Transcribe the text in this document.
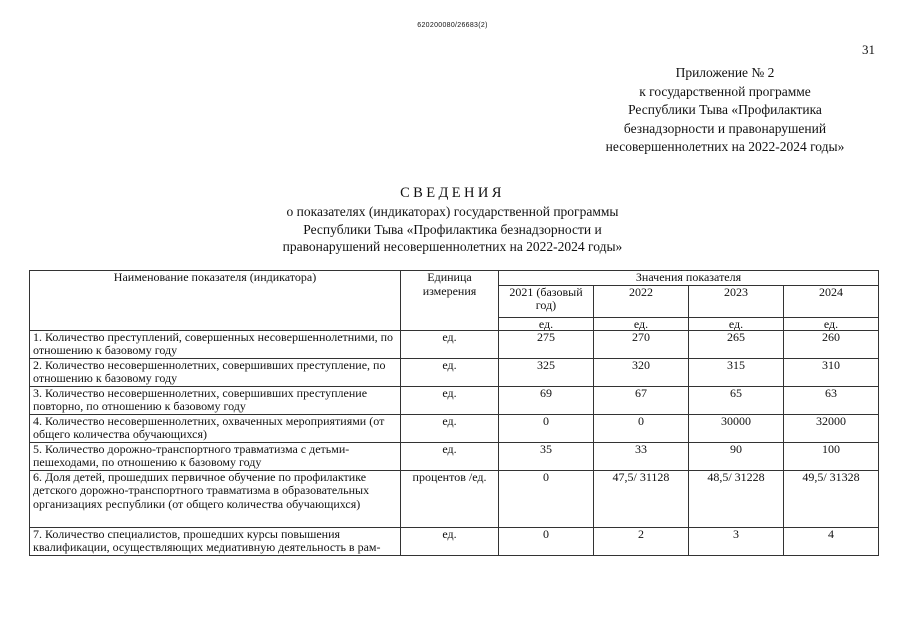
620200080/26683(2)
31
Приложение № 2
к государственной программе
Республики Тыва «Профилактика
безнадзорности и правонарушений
несовершеннолетних на 2022-2024 годы»
СВЕДЕНИЯ
о показателях (индикаторах) государственной программы
Республики Тыва «Профилактика безнадзорности и
правонарушений несовершеннолетних на 2022-2024 годы»
Наименование показателя (индикатора)	Единица измерения	Значения показателя			
		2021 (базовый год)	2022	2023	2024
		ед.	ед.	ед.	ед.
1. Количество преступлений, совершенных несовершеннолетними, по отношению к базовому году	ед.	275	270	265	260
2. Количество несовершеннолетних, совершивших преступление, по отношению к базовому году	ед.	325	320	315	310
3. Количество несовершеннолетних, совершивших преступление повторно, по отношению к базовому году	ед.	69	67	65	63
4. Количество несовершеннолетних, охваченных мероприятиями (от общего количества обучающихся)	ед.	0	0	30000	32000
5. Количество дорожно-транспортного травматизма с детьми-пешеходами, по отношению к базовому году	ед.	35	33	90	100
6. Доля детей, прошедших первичное обучение по профилактике детского дорожно-транспортного травматизма в образовательных организациях республики (от общего количества обучающихся)	процентов /ед.	0	47,5/ 31128	48,5/ 31228	49,5/ 31328
7. Количество специалистов, прошедших курсы повышения квалификации, осуществляющих медиативную деятельность в рам-	ед.	0	2	3	4
